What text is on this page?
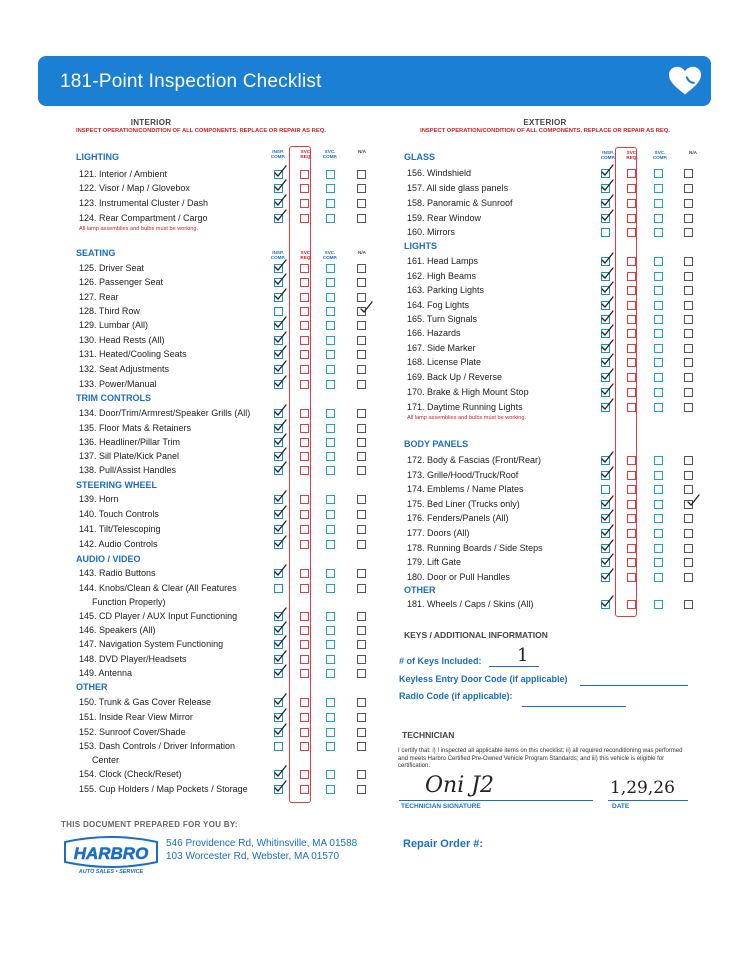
181-Point Inspection Checklist
INTERIOR
INSPECT OPERATION/CONDITION OF ALL COMPONENTS, REPLACE OR REPAIR AS REQ.
EXTERIOR
INSPECT OPERATION/CONDITION OF ALL COMPONENTS, REPLACE OR REPAIR AS REQ.
LIGHTING
INSP. COMP.
SVC. REQ.
SVC. COMP.
N/A
121. Interior / Ambient
122. Visor / Map / Glovebox
123. Instrumental Cluster / Dash
124. Rear Compartment / Cargo
All lamp assemblies and bulbs must be working.
SEATING	INSP. COMP.
SVC. REQ.
SVC. COMP.
N/A
125. Driver Seat
126. Passenger Seat
127. Rear
128. Third Row
129. Lumbar (All)
130. Head Rests (All)
131. Heated/Cooling Seats
132. Seat Adjustments
133. Power/Manual
TRIM CONTROLS
134. Door/Trim/Armrest/Speaker Grills (All)
135. Floor Mats & Retainers
136. Headliner/Pillar Trim
137. Sill Plate/Kick Panel
138. Pull/Assist Handles
STEERING WHEEL
139. Horn
140. Touch Controls
141. Tilt/Telescoping
142. Audio Controls
AUDIO / VIDEO
143. Radio Buttons
144. Knobs/Clean & Clear (All Features
Function Properly)
145. CD Player / AUX Input Functioning
146. Speakers (All)
147. Navigation System Functioning
148. DVD Player/Headsets
149. Antenna
OTHER
150. Trunk & Gas Cover Release
151. Inside Rear View Mirror
152. Sunroof Cover/Shade
153. Dash Controls / Driver Information
Center
154. Clock (Check/Reset)
155. Cup Holders / Map Pockets / Storage
GLASS	INSP. COMP.
SVC. REQ.
SVC. COMP.
N/A
156. Windshield
157. All side glass panels
158. Panoramic & Sunroof
159. Rear Window
160. Mirrors
LIGHTS
161. Head Lamps
162. High Beams
163. Parking Lights
164. Fog Lights
165. Turn Signals
166. Hazards
167. Side Marker
168. License Plate
169. Back Up / Reverse
170. Brake & High Mount Stop
171. Daytime Running Lights
All lamp assemblies and bulbs must be working.
BODY PANELS
172. Body & Fascias (Front/Rear)
173. Grille/Hood/Truck/Roof
174. Emblems / Name Plates
175. Bed Liner (Trucks only)
176. Fenders/Panels (All)
177. Doors (All)
178. Running Boards / Side Steps
179. Lift Gate
180. Door or Pull Handles
OTHER
181. Wheels / Caps / Skins (All)
KEYS / ADDITIONAL INFORMATION
# of Keys Included: 1
Keyless Entry Door Code (if applicable)
Radio Code (if applicable):
TECHNICIAN
I certify that: i) I inspected all applicable items on this checklist; ii) all required reconditioning was performed and meets Harbro Certified Pre-Owned Vehicle Program Standards; and iii) this vehicle is eligible for certification.
Oni J2
TECHNICIAN SIGNATURE
1,29,26
DATE
THIS DOCUMENT PREPARED FOR YOU BY:
HARBRO
AUTO SALES • SERVICE
546 Providence Rd, Whitinsville, MA 01588
103 Worcester Rd, Webster, MA 01570
Repair Order #:
